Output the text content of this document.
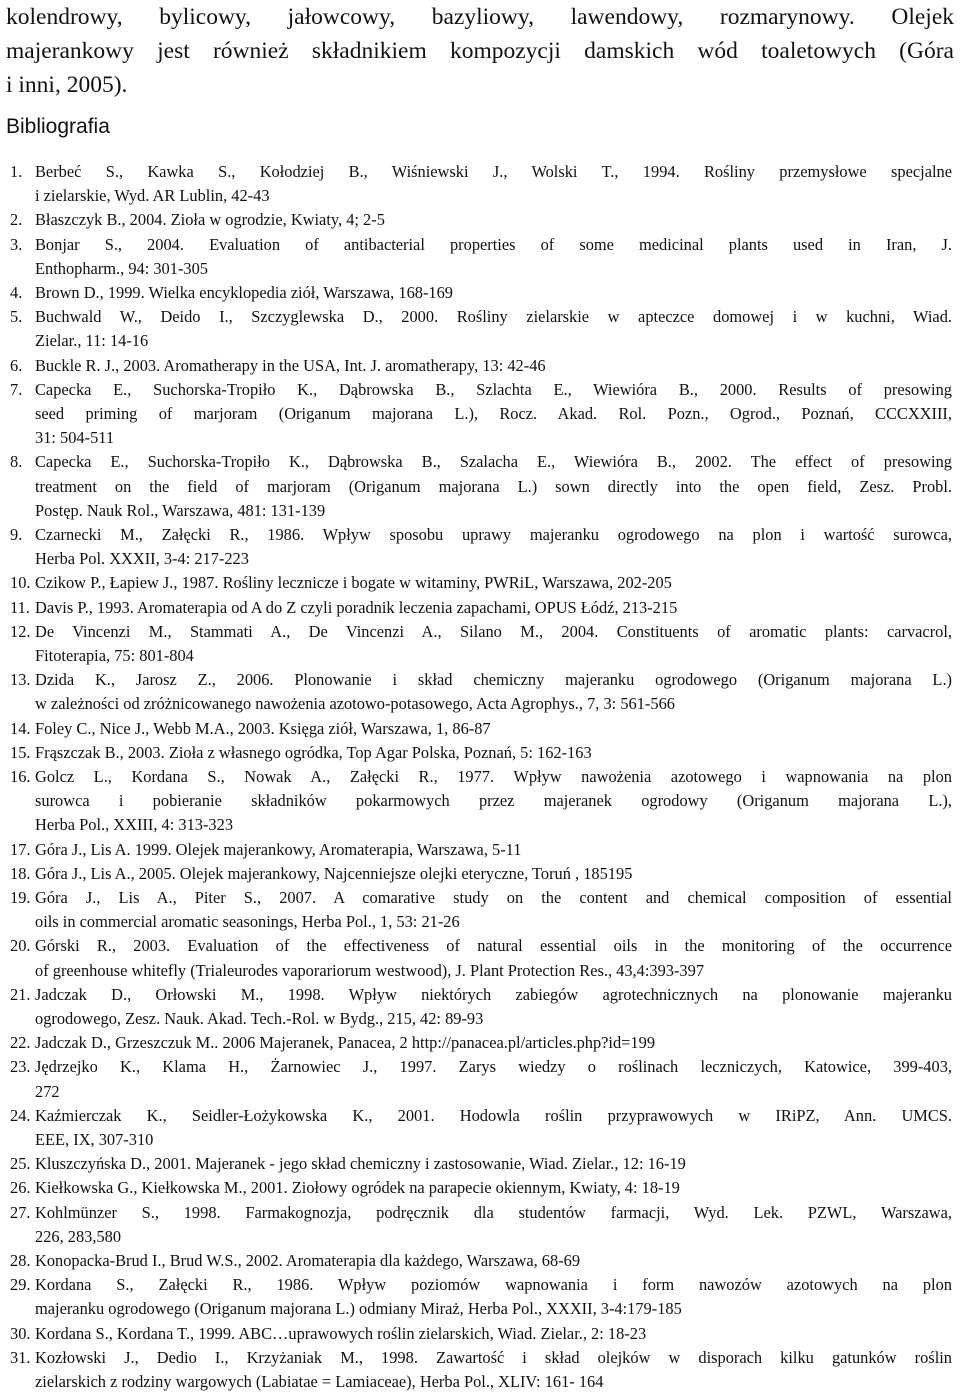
kolendrowy, bylicowy, jałowcowy, bazyliowy, lawendowy, rozmarynowy. Olejek
majerankowy jest również składnikiem kompozycji damskich wód toaletowych (Góra
i inni, 2005).
Bibliografia
1. Berbeć S., Kawka S., Kołodziej B., Wiśniewski J., Wolski T., 1994. Rośliny przemysłowe specjalne
i zielarskie, Wyd. AR Lublin, 42-43
2. Błaszczyk B., 2004. Zioła w ogrodzie, Kwiaty, 4; 2-5
3. Bonjar S., 2004. Evaluation of antibacterial properties of some medicinal plants used in Iran, J.
Enthopharm., 94: 301-305
4. Brown D., 1999. Wielka encyklopedia ziół, Warszawa, 168-169
5. Buchwald W., Deido I., Szczyglewska D., 2000. Rośliny zielarskie w apteczce domowej i w kuchni, Wiad.
Zielar., 11: 14-16
6. Buckle R. J., 2003. Aromatherapy in the USA, Int. J. aromatherapy, 13: 42-46
7. Capecka E., Suchorska-Tropiło K., Dąbrowska B., Szlachta E., Wiewióra B., 2000. Results of presowing
seed priming of marjoram (Origanum majorana L.), Rocz. Akad. Rol. Pozn., Ogrod., Poznań, CCCXXIII,
31: 504-511
8. Capecka E., Suchorska-Tropiło K., Dąbrowska B., Szalacha E., Wiewióra B., 2002. The effect of presowing
treatment on the field of marjoram (Origanum majorana L.) sown directly into the open field, Zesz. Probl.
Postęp. Nauk Rol., Warszawa, 481: 131-139
9. Czarnecki M., Załęcki R., 1986. Wpływ sposobu uprawy majeranku ogrodowego na plon i wartość surowca,
Herba Pol. XXXII, 3-4: 217-223
10. Czikow P., Łapiew J., 1987. Rośliny lecznicze i bogate w witaminy, PWRiL, Warszawa, 202-205
11. Davis P., 1993. Aromaterapia od A do Z czyli poradnik leczenia zapachami, OPUS Łódź, 213-215
12. De Vincenzi M., Stammati A., De Vincenzi A., Silano M., 2004. Constituents of aromatic plants: carvacrol,
Fitoterapia, 75: 801-804
13. Dzida K., Jarosz Z., 2006. Plonowanie i skład chemiczny majeranku ogrodowego (Origanum majorana L.)
w zależności od zróżnicowanego nawożenia azotowo-potasowego, Acta Agrophys., 7, 3: 561-566
14. Foley C., Nice J., Webb M.A., 2003. Księga ziół, Warszawa, 1, 86-87
15. Frąszczak B., 2003. Zioła z własnego ogródka, Top Agar Polska, Poznań, 5: 162-163
16. Golcz L., Kordana S., Nowak A., Załęcki R., 1977. Wpływ nawożenia azotowego i wapnowania na plon
surowca i pobieranie składników pokarmowych przez majeranek ogrodowy (Origanum majorana L.),
Herba Pol., XXIII, 4: 313-323
17. Góra J., Lis A. 1999. Olejek majerankowy, Aromaterapia, Warszawa, 5-11
18. Góra J., Lis A., 2005. Olejek majerankowy, Najcenniejsze olejki eteryczne, Toruń , 185195
19. Góra J., Lis A., Piter S., 2007. A comarative study on the content and chemical composition of essential
oils in commercial aromatic seasonings, Herba Pol., 1, 53: 21-26
20. Górski R., 2003. Evaluation of the effectiveness of natural essential oils in the monitoring of the occurrence
of greenhouse whitefly (Trialeurodes vaporariorum westwood), J. Plant Protection Res., 43,4:393-397
21. Jadczak D., Orłowski M., 1998. Wpływ niektórych zabiegów agrotechnicznych na plonowanie majeranku
ogrodowego, Zesz. Nauk. Akad. Tech.-Rol. w Bydg., 215, 42: 89-93
22. Jadczak D., Grzeszczuk M.. 2006 Majeranek, Panacea, 2 http://panacea.pl/articles.php?id=199
23. Jędrzejko K., Klama H., Żarnowiec J., 1997. Zarys wiedzy o roślinach leczniczych, Katowice, 399-403,
272
24. Kaźmierczak K., Seidler-Łożykowska K., 2001. Hodowla roślin przyprawowych w IRiPZ, Ann. UMCS.
EEE, IX, 307-310
25. Kluszczyńska D., 2001. Majeranek - jego skład chemiczny i zastosowanie, Wiad. Zielar., 12: 16-19
26. Kiełkowska G., Kiełkowska M., 2001. Ziołowy ogródek na parapecie okiennym, Kwiaty, 4: 18-19
27. Kohlmünzer S., 1998. Farmakognozja, podręcznik dla studentów farmacji, Wyd. Lek. PZWL, Warszawa,
226, 283,580
28. Konopacka-Brud I., Brud W.S., 2002. Aromaterapia dla każdego, Warszawa, 68-69
29. Kordana S., Załęcki R., 1986. Wpływ poziomów wapnowania i form nawozów azotowych na plon
majeranku ogrodowego (Origanum majorana L.) odmiany Miraż, Herba Pol., XXXII, 3-4:179-185
30. Kordana S., Kordana T., 1999. ABC…uprawowych roślin zielarskich, Wiad. Zielar., 2: 18-23
31. Kozłowski J., Dedio I., Krzyżaniak M., 1998. Zawartość i skład olejków w disporach kilku gatunków roślin
zielarskich z rodziny wargowych (Labiatae = Lamiaceae), Herba Pol., XLIV: 161- 164
